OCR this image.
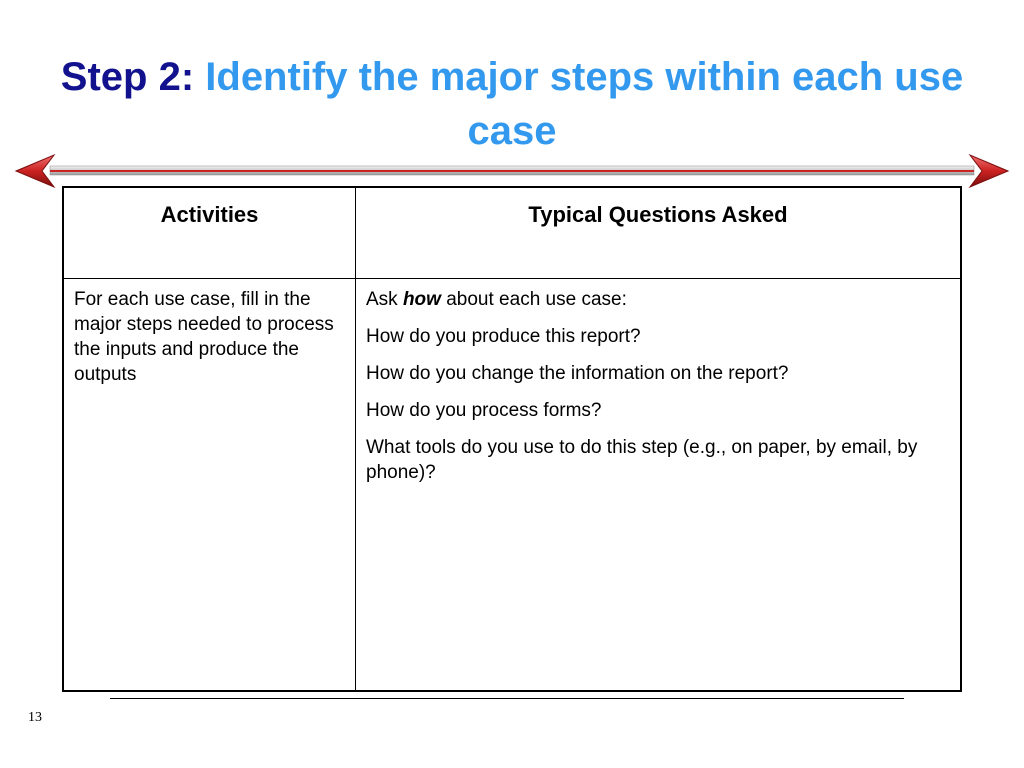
Step 2: Identify the major steps within each use case
Activities	Typical Questions Asked
For each use case, fill in the major steps needed to process the inputs and produce the outputs

Ask how about each use case:

How do you produce this report?

How do you change the information on the report?

How do you process forms?

What tools do you use to do this step (e.g., on paper, by email, by phone)?

13
